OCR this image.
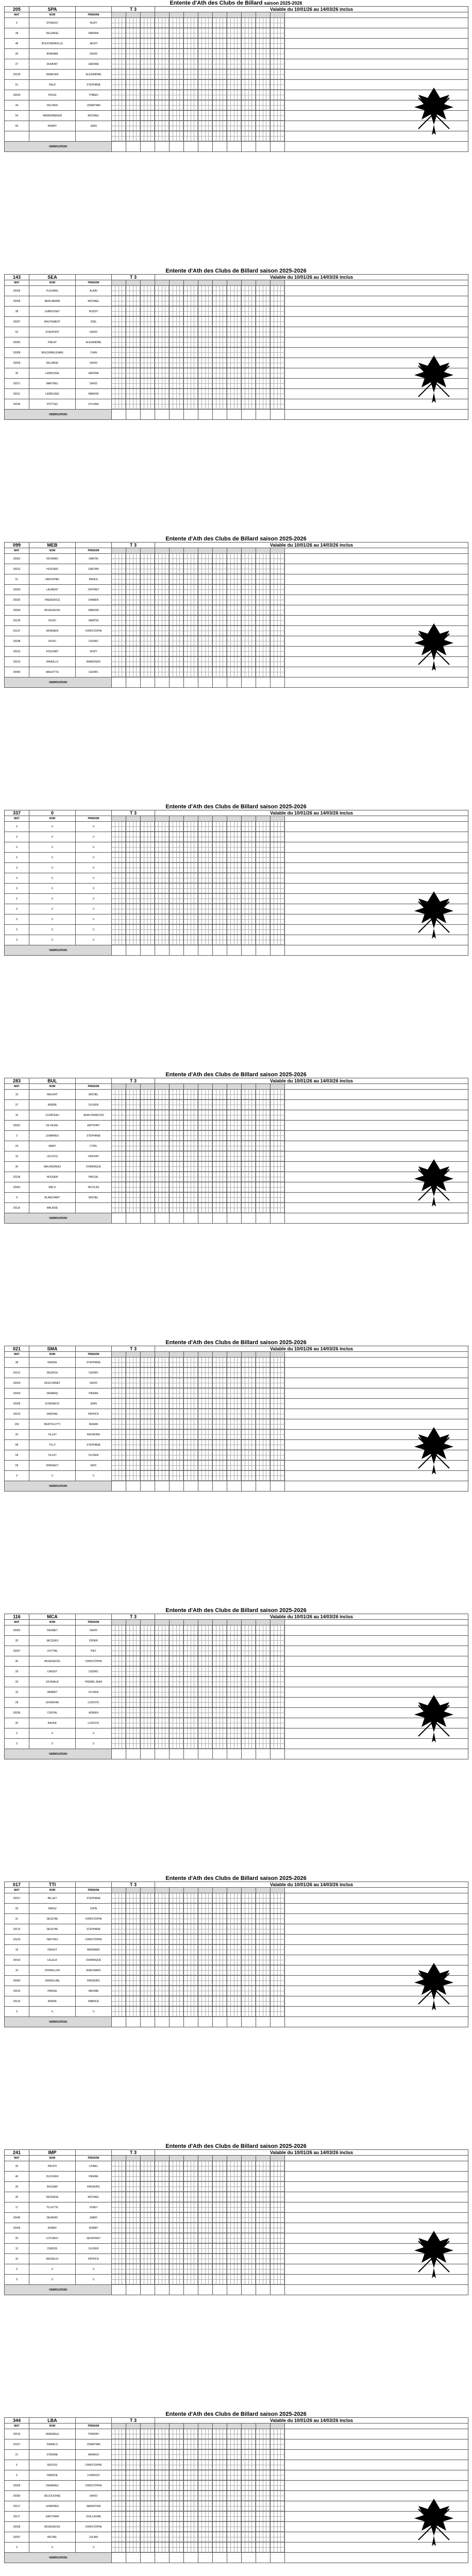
Entente d'Ath des Clubs de Billard saison 2025-2026
205	SPA		T 3			Valable du 10/01/26 au 14/03/26 inclus									
MAT	NOM	PRENOM													
5	STRASSY	RUDY	

38	DELANGE	MARIAN	

48	BOUCHERNOLLE	JACKY	

26	BONHAM	DAVID	

27	DUMONT	JEROME	

20129	DEBEVER	ALEXANDRE	

51	FAUX	STEPHANE	

20033	HOUIS	THIBEO	

34	DELHAIX	JONATHAN	

54	VANDERBEKEN	MICHAEL	

50	HENRY	JEAN	

VERIFICATION															
Entente d'Ath des Clubs de Billard saison 2025-2026
143	SEA		T 3			Valable du 10/01/26 au 14/03/26 inclus									
MAT	NOM	PRENOM													
20005	FLEVANG	ALAIN	

20006	BENLAMAMI	MICHAEL	

38	LEBRUSSET	RUDDY	

20007	BAUTEMENT	JOEL	

52	STAUPONT	DAVID	

20093	PIALAT	ALEXANDRE	

20008	MULDEMELEMAN	YVAN	

20009	DELANGE	DAVID	

36	LEBRUSSE	JEROME	

20071	MARTREL	DAVID	

20011	LEBRUSSE	MARION	

20035	POTTIEZ	SYLVAIN	

VERIFICATION															
Entente d'Ath des Clubs de Billard saison 2025-2026
099	MEB		T 3			Valable du 10/01/26 au 14/03/26 inclus									
MAT	NOM	PRENOM													
20062	RICHARD	DIMITRI	

20012	HOUSIER	GAETAN	

51	VAROUHEF	BASILE	

20003	LAURENT	JOFFREY	

20025	FREDERICQ	DAMIEN	

20004	BOURGEOIS	MARION	

20136	RUSO	MARTIN	

20137	MONNIER	CHRISTOPHE	

20038	RUSO	CEDRIC	

20013	FOUCART	RUDY	

20019	HAVAILLO	RAIMONDO	

20069	MAGOTTE	CEDRIC	

VERIFICATION															
Entente d'Ath des Clubs de Billard saison 2025-2026
337	0		T 3			Valable du 10/01/26 au 14/03/26 inclus									
MAT	NOM	PRENOM													
0	0	0	

0	0	0	

0	0	0	

0	0	0	

0	0	0	

0	0	0	

0	0	0	

0	0	0	

0	0	0	

0	0	0	

0	0	0	

0	0	0	

VERIFICATION															
Entente d'Ath des Clubs de Billard saison 2025-2026
283	BUL		T 3			Valable du 10/01/26 au 14/03/26 inclus									
MAT	NOM	PRENOM													
15	MALFAIT	MICHEL	

37	ANDRE	OLIVIER	

16	CUVATEAU	JEAN-FRANCOIS	

20001	DE KESEL	ANTHONY	

3	LEMAHIEU	STEPHANE	

24	MARY	CYRIL	

13	LECOCQ	VINCENT	

30	MALINGREAU	DOMINIQUE	

20106	HOUSEM	PASCAL	

20062	MELO	NICOLAS	

9	BLANCHART	MICHEL	

20110	MALAISE		

VERIFICATION															
Entente d'Ath des Clubs de Billard saison 2025-2026
021	SMA		T 3			Valable du 10/01/26 au 14/03/26 inclus									
MAT	NOM	PRENOM													
38	DEADIE	STEPHANE	

20101	DEGROU	CEDRIC	

20003	DESCORNET	DAVID	

20004	DEMARQ	PIERRE	

20005	EVERAECK	JEAN	

20010	SIMONAL	PATRICK	

150	BERTOLOTTI	RENAN	

20	VILLET	RAYMOND	

58	TILLY	STEPHANE	

59	VILLET	OLIVIER	

59	DHENAUT	ERIC	

0	0	0	

VERIFICATION															
Entente d'Ath des Clubs de Billard saison 2025-2026
116	MCA		T 3			Valable du 10/01/26 au 14/03/26 inclus									
MAT	NOM	PRENOM													
20002	DESMET	DAVID	

20	JACQUES	DIDIER	

20007	VOTTRE	PIET	

46	BOURGEOIS	CHRISTOPHE	

29	CAVEST	CEDRIC	

20	JOUNIAUX	PIERRE-JEAN	

15	HEBERT	OLIVIER	

28	LEFEBVRE	LUDOVIC	

20036	CORTAL	ADRIEN	

20	BAUDE	LUDOVIC	

0	0	0	

0	0	0	

VERIFICATION															
Entente d'Ath des Clubs de Billard saison 2025-2026
017	TTI		T 3			Valable du 10/01/26 au 14/03/26 inclus									
MAT	NOM	PRENOM													
20017	BILLIET	STEPHANE	

20	HAYEZ	JOHN	

31	DESCHIE	CHRISTOPHE	

20113	DESCHIE	STEPHANE	

20103	HAVITIEZ	CHRISTOPHE	

19	DENUIT	BERNARD	

20016	LELEUX	DOMINIQUE	

10	DORAILLON	JEAN-MARC	

20050	GRAVELINE	FREDERIC	

20015	PARGIE	MAXIME	

20116	ANDRE	FABRICE	

0	0	0	

VERIFICATION															
Entente d'Ath des Clubs de Billard saison 2025-2026
241	IMP		T 3			Valable du 10/01/26 au 14/03/26 inclus									
MAT	NOM	PRENOM													
36	PAUCH	LIONEL	

40	DUVIVIER	PIERRE	

20	BOSSAR	FREDERIC	

35	DESSAGE	MICHAEL	

17	TILLETTE	JOSEY	

20045	DEWIFAY	JIMMY	

20005	ROBBY	ROBBY	

20	LOTURGY	GEOFFREY	

12	DUBOIS	OLIVIER	

10	BASSEUX	PATRICK	

0	0	0	

0	0	0	

VERIFICATION															
Entente d'Ath des Clubs de Billard saison 2025-2026
344	LBA		T 3			Valable du 10/01/26 au 14/03/26 inclus									
MAT	NOM	PRENOM													
20016	VANDAELE	THIERRY	

20107	DANIELS	JONATHAN	

21	STIENNE	ARNAUD	

5	REDOSI	CHRISTOPHE	

6	DEBODE	LORENZO	

20005	DEMAREZ	CHRISTOPHE	

20000	DECOUCHEE	DAVID	

20117	LEMAHIEU	SEBASTIEN	

20117	GAUTHIER	GUILLAUME	

20006	BOURGEOIS	CHRISTOPHE	

20007	MICHEL	JULIAN	

0	0	0	

VERIFICATION															
